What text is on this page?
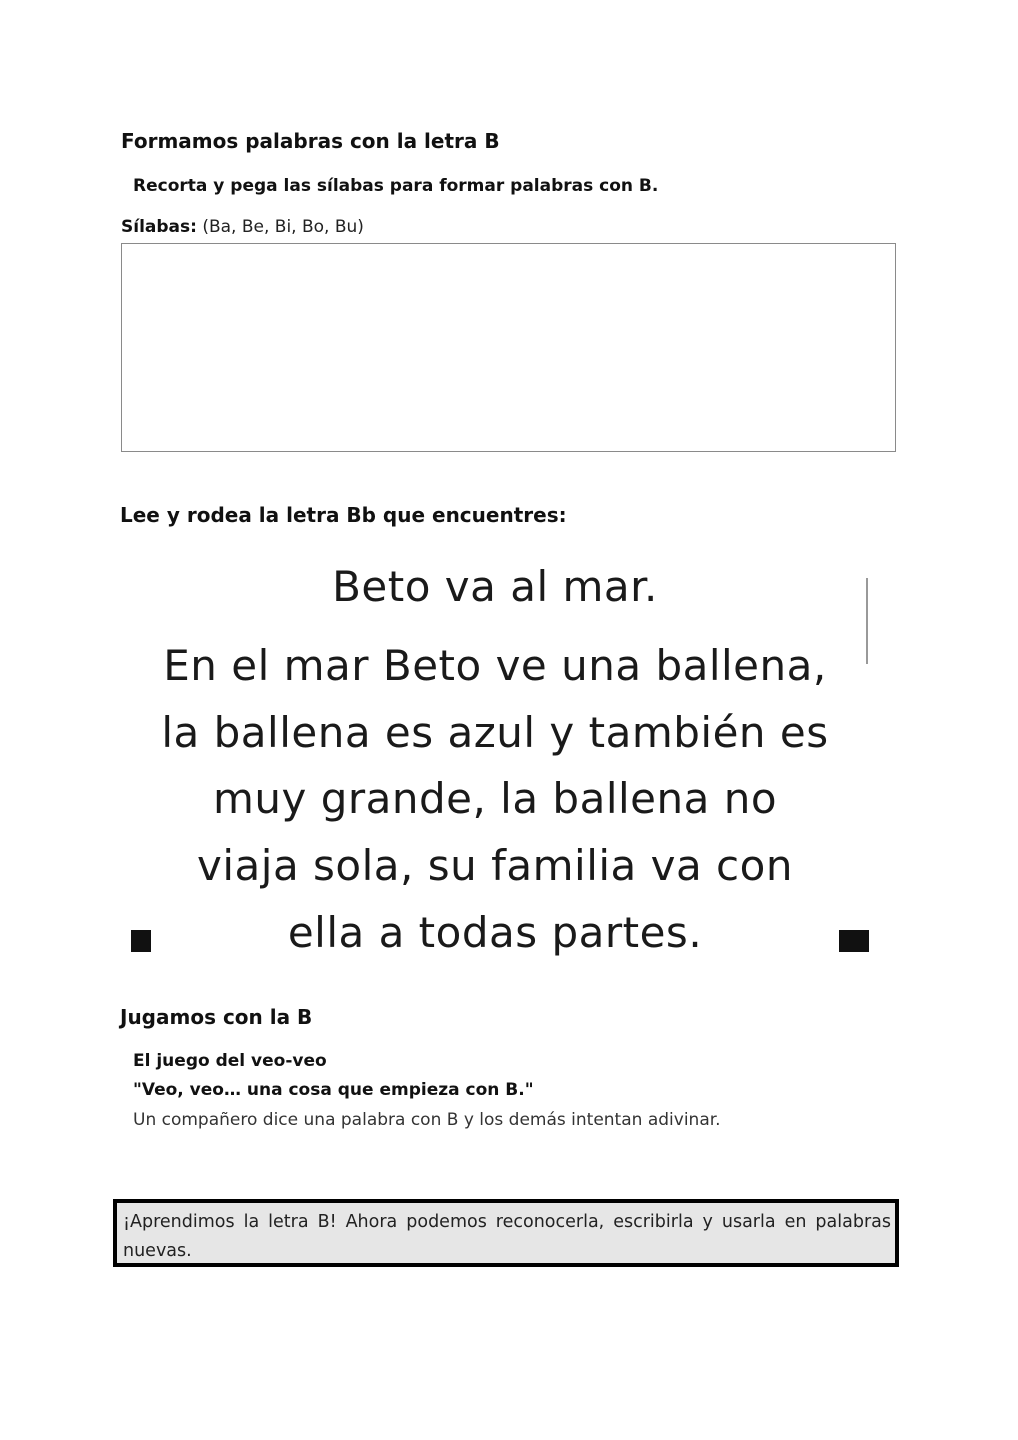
Formamos palabras con la letra B
Recorta y pega las sílabas para formar palabras con B.
Sílabas: (Ba, Be, Bi, Bo, Bu)
Lee y rodea la letra Bb que encuentres:
Beto va al mar.
En el mar Beto ve una ballena,
la ballena es azul y también es
muy grande, la ballena no
viaja sola, su familia va con
ella a todas partes.
Jugamos con la B
El juego del veo-veo
"Veo, veo… una cosa que empieza con B."
Un compañero dice una palabra con B y los demás intentan adivinar.
¡Aprendimos la letra B! Ahora podemos reconocerla, escribirla y usarla en palabras nuevas.
